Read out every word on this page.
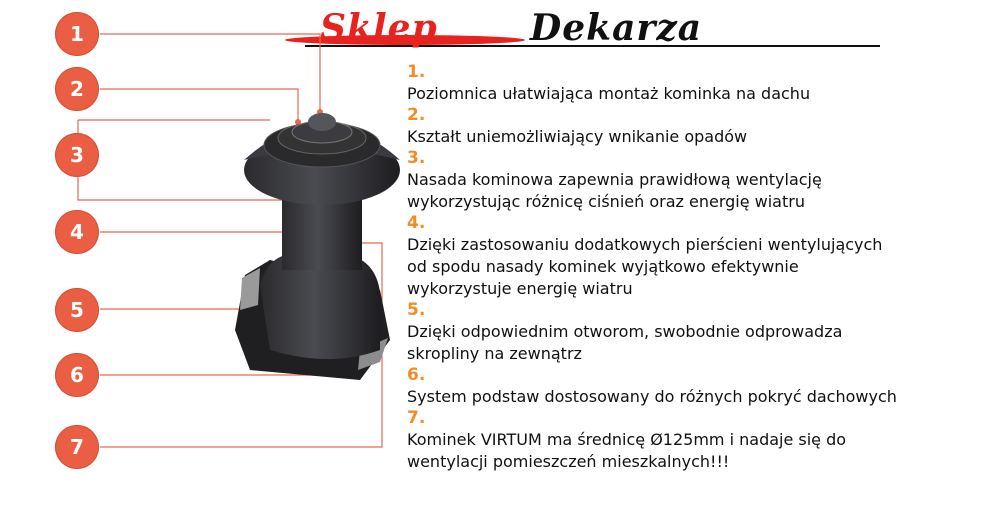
Sklep	Dekarza
1
2
3
4
5
6
7
1.
Poziomnica ułatwiająca montaż kominka na dachu
2.
Kształt uniemożliwiający wnikanie opadów
3.
Nasada kominowa zapewnia prawidłową wentylację
wykorzystując różnicę ciśnień oraz energię wiatru
4.
Dzięki zastosowaniu dodatkowych pierścieni wentylujących
od spodu nasady kominek wyjątkowo efektywnie
wykorzystuje energię wiatru
5.
Dzięki odpowiednim otworom, swobodnie odprowadza
skropliny na zewnątrz
6.
System podstaw dostosowany do różnych pokryć dachowych
7.
Kominek VIRTUM ma średnicę Ø125mm i nadaje się do
wentylacji pomieszczeń mieszkalnych!!!
